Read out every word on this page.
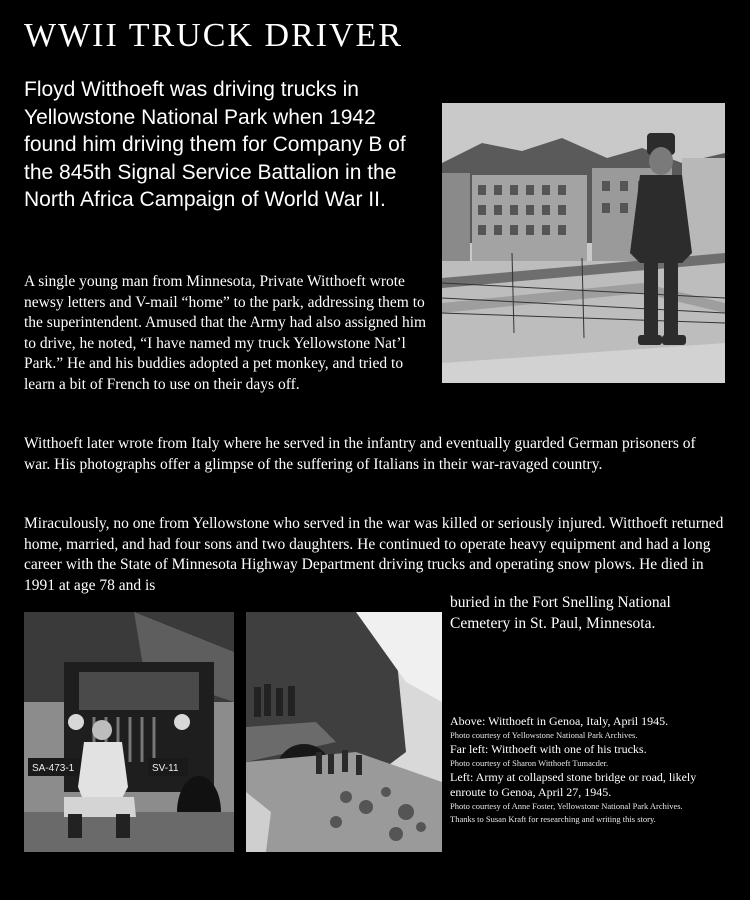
WWII TRUCK DRIVER

Floyd Witthoeft was driving trucks in Yellowstone National Park when 1942 found him driving them for Company B of the 845th Signal Service Battalion in the North Africa Campaign of World War II.

A single young man from Minnesota, Private Witthoeft wrote newsy letters and V-mail “home” to the park, addressing them to the superintendent. Amused that the Army had also assigned him to drive, he noted, “I have named my truck Yellowstone Nat’l Park.” He and his buddies adopted a pet monkey, and tried to learn a bit of French to use on their days off.

Witthoeft later wrote from Italy where he served in the infantry and eventually guarded German prisoners of war. His photographs offer a glimpse of the suffering of Italians in their war-ravaged country.

Miraculously, no one from Yellowstone who served in the war was killed or seriously injured. Witthoeft returned home, married, and had four sons and two daughters. He continued to operate heavy equipment and had a long career with the State of Minnesota Highway Department driving trucks and operating snow plows. He died in 1991 at age 78 and is

buried in the Fort Snelling National
Cemetery in St. Paul, Minnesota.
SA-473-1	SV-11
Above: Witthoeft in Genoa, Italy, April 1945.
Photo courtesy of Yellowstone National Park Archives.
Far left: Witthoeft with one of his trucks.
Photo courtesy of Sharon Witthoeft Tumacder.
Left: Army at collapsed stone bridge or road, likely enroute to Genoa, April 27, 1945.
Photo courtesy of Anne Foster, Yellowstone National Park Archives.
Thanks to Susan Kraft for researching and writing this story.
